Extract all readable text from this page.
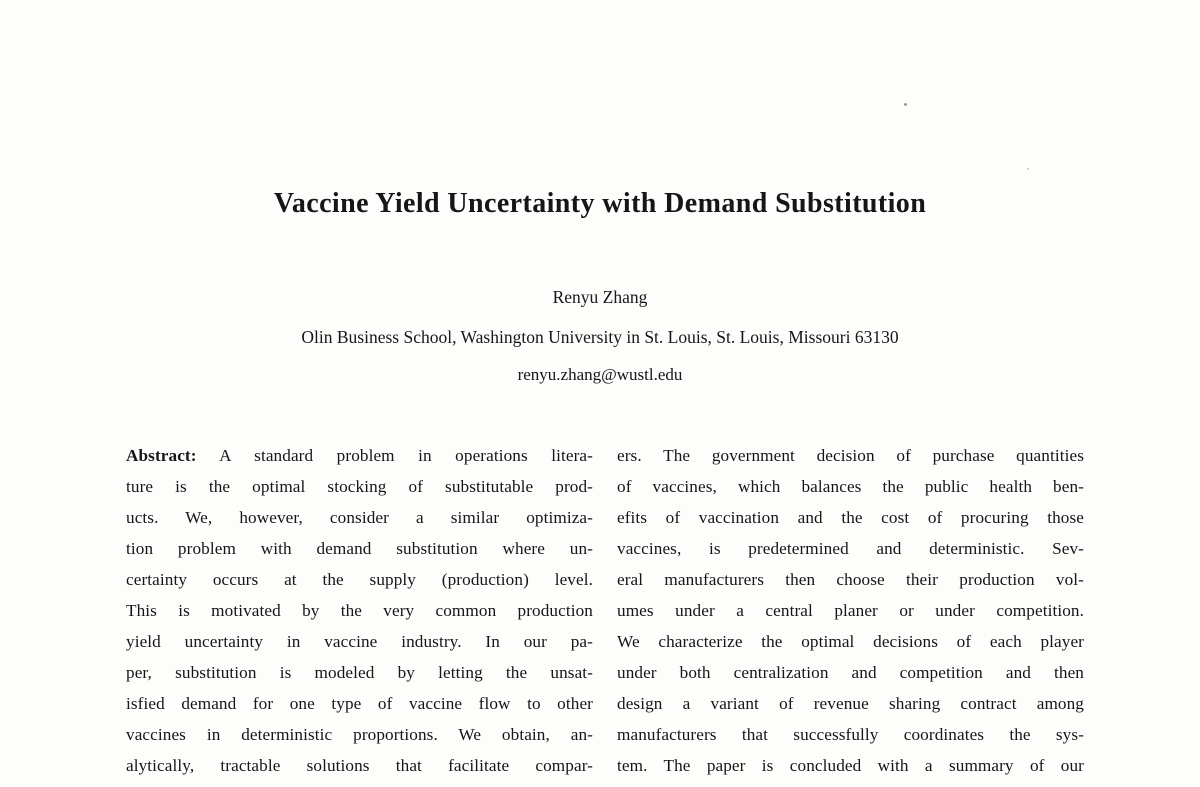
Vaccine Yield Uncertainty with Demand Substitution
Renyu Zhang
Olin Business School, Washington University in St. Louis, St. Louis, Missouri 63130
renyu.zhang@wustl.edu
Abstract: A standard problem in operations litera-
ture is the optimal stocking of substitutable prod-
ucts. We, however, consider a similar optimiza-
tion problem with demand substitution where un-
certainty occurs at the supply (production) level.
This is motivated by the very common production
yield uncertainty in vaccine industry. In our pa-
per, substitution is modeled by letting the unsat-
isfied demand for one type of vaccine flow to other
vaccines in deterministic proportions. We obtain, an-
alytically, tractable solutions that facilitate compar-
ers. The government decision of purchase quantities
of vaccines, which balances the public health ben-
efits of vaccination and the cost of procuring those
vaccines, is predetermined and deterministic. Sev-
eral manufacturers then choose their production vol-
umes under a central planer or under competition.
We characterize the optimal decisions of each player
under both centralization and competition and then
design a variant of revenue sharing contract among
manufacturers that successfully coordinates the sys-
tem. The paper is concluded with a summary of our
